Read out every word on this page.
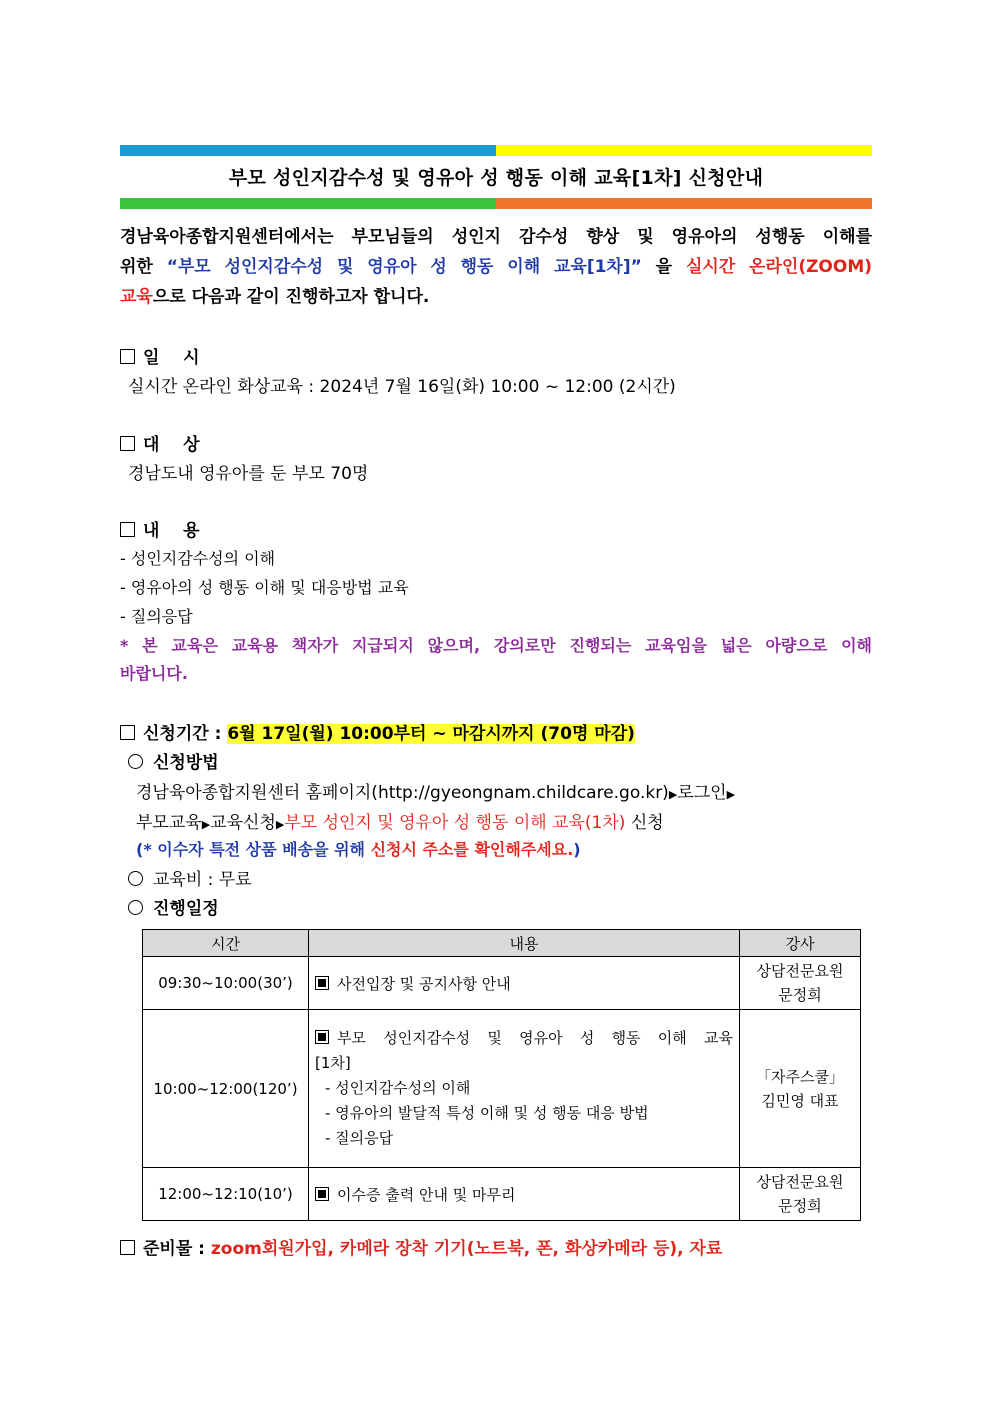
부모 성인지감수성 및 영유아 성 행동 이해 교육[1차] 신청안내
경남육아종합지원센터에서는 부모님들의 성인지 감수성 향상 및 영유아의 성행동 이해를
위한 “부모 성인지감수성 및 영유아 성 행동 이해 교육[1차]” 을 실시간 온라인(ZOOM)
교육으로 다음과 같이 진행하고자 합니다.
일    시
실시간 온라인 화상교육 : 2024년 7월 16일(화) 10:00 ~ 12:00 (2시간)
대    상
경남도내 영유아를 둔 부모 70명
내    용
- 성인지감수성의 이해
- 영유아의 성 행동 이해 및 대응방법 교육
- 질의응답
* 본 교육은 교육용 책자가 지급되지 않으며, 강의로만 진행되는 교육임을 넓은 아량으로 이해
바랍니다.
신청기간 : 6월 17일(월) 10:00부터 ~ 마감시까지 (70명 마감)
신청방법
경남육아종합지원센터 홈페이지(http://gyeongnam.childcare.go.kr)▶로그인▶
부모교육▶교육신청▶부모 성인지 및 영유아 성 행동 이해 교육(1차) 신청
(* 이수자 특전 상품 배송을 위해 신청시 주소를 확인해주세요.)
교육비 : 무료
진행일정
시간	내용	강사
09:30~10:00(30’)	사전입장 및 공지사항 안내	상담전문요원
문정희
10:00~12:00(120’)	부모 성인지감수성 및 영유아 성 행동 이해 교육
[1차]
- 성인지감수성의 이해
- 영유아의 발달적 특성 이해 및 성 행동 대응 방법
- 질의응답	「자주스쿨」
김민영 대표
12:00~12:10(10’)	이수증 출력 안내 및 마무리	상담전문요원
문정희
준비물 : zoom회원가입, 카메라 장착 기기(노트북, 폰, 화상카메라 등), 자료
